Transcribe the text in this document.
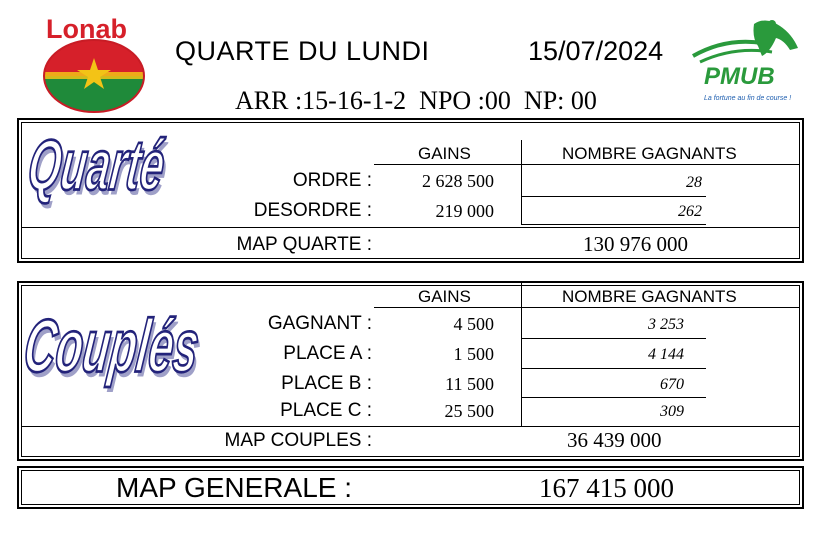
Lonab
PMUB
La fortune au fin de course !
QUARTE DU LUNDI	15/07/2024
ARR :15-16-1-2 NPO :00 NP: 00
Quarté	GAINS	NOMBRE GAGNANTS
ORDRE :	2 628 500	28
DESORDRE :	219 000	262
MAP QUARTE :	130 976 000
Couplés
GAINS	NOMBRE GAGNANTS
GAGNANT :	4 500	3 253
PLACE A :	1 500	4 144
PLACE B :	11 500	670
PLACE C :	25 500	309
MAP COUPLES :	36 439 000
MAP GENERALE :	167 415 000
